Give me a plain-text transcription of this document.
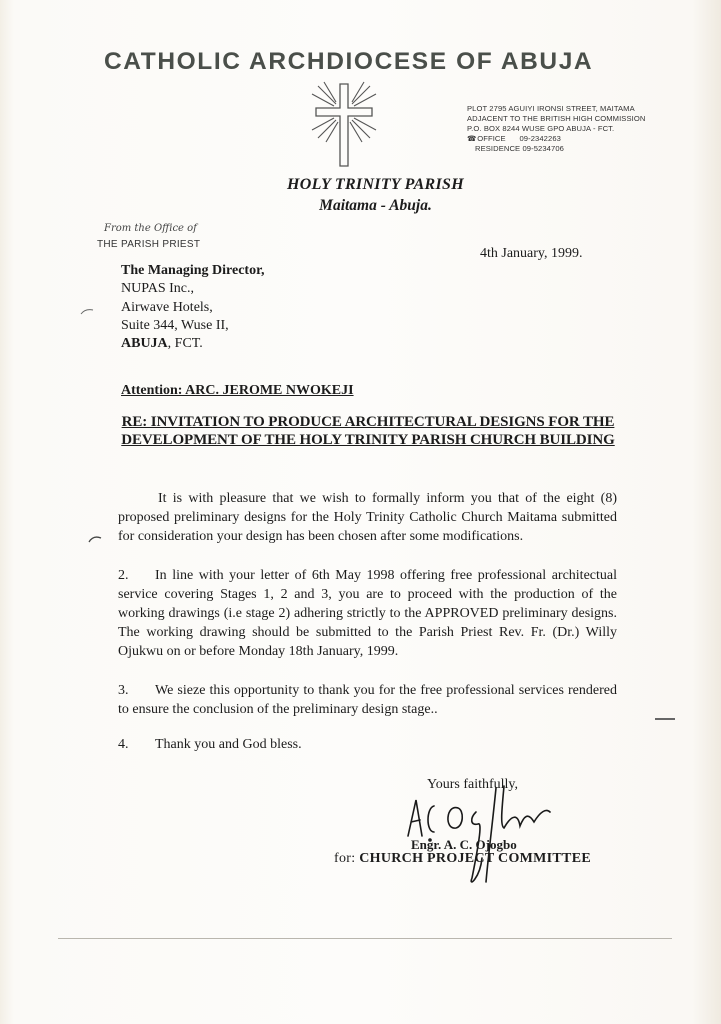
CATHOLIC ARCHDIOCESE OF ABUJA
PLOT 2795 AGUIYI IRONSI STREET, MAITAMA
ADJACENT TO THE BRITISH HIGH COMMISSION
P.O. BOX 8244 WUSE GPO ABUJA - FCT.
☎ OFFICE 09-2342263
RESIDENCE 09-5234706
HOLY TRINITY PARISH
Maitama - Abuja.
From the Office of
THE PARISH PRIEST
4th January, 1999.
The Managing Director,
NUPAS Inc.,
Airwave Hotels,
Suite 344, Wuse II,
ABUJA, FCT.
Attention: ARC. JEROME NWOKEJI
RE: INVITATION TO PRODUCE ARCHITECTURAL DESIGNS FOR THE DEVELOPMENT OF THE HOLY TRINITY PARISH CHURCH BUILDING
It is with pleasure that we wish to formally inform you that of the eight (8) proposed preliminary designs for the Holy Trinity Catholic Church Maitama submitted for consideration your design has been chosen after some modifications.
2. In line with your letter of 6th May 1998 offering free professional architectual service covering Stages 1, 2 and 3, you are to proceed with the production of the working drawings (i.e stage 2) adhering strictly to the APPROVED preliminary designs. The working drawing should be submitted to the Parish Priest Rev. Fr. (Dr.) Willy Ojukwu on or before Monday 18th January, 1999.
3. We sieze this opportunity to thank you for the free professional services rendered to ensure the conclusion of the preliminary design stage..
4. Thank you and God bless.
Yours faithfully,
Engr. A. C. Ojogbo
for: CHURCH PROJECT COMMITTEE
